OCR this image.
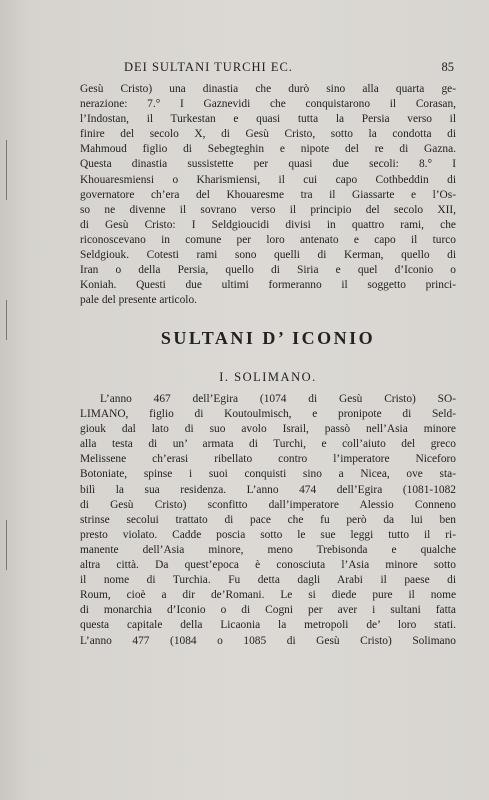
DEI SULTANI TURCHI EC.	85
Gesù Cristo) una dinastia che durò sino alla quarta ge-
nerazione: 7.° I Gaznevidi che conquistarono il Corasan,
l’Indostan, il Turkestan e quasi tutta la Persia verso il
finire del secolo X, di Gesù Cristo, sotto la condotta di
Mahmoud figlio di Sebegteghin e nipote del re di Gazna.
Questa dinastia sussistette per quasi due secoli: 8.° I
Khouaresmiensi o Kharismiensi, il cui capo Cothbeddin di
governatore ch’era del Khouaresme tra il Giassarte e l’Os-
so ne divenne il sovrano verso il principio del secolo XII,
di Gesù Cristo: I Seldgioucidi divisi in quattro rami, che
riconoscevano in comune per loro antenato e capo il turco
Seldgiouk. Cotesti rami sono quelli di Kerman, quello di
Iran o della Persia, quello di Siria e quel d’Iconio o
Koniah. Questi due ultimi formeranno il soggetto princi-
pale del presente articolo.
SULTANI D’ ICONIO
I. SOLIMANO.
L’anno 467 dell’Egira (1074 di Gesù Cristo) SO-
LIMANO, figlio di Koutoulmisch, e pronipote di Seld-
giouk dal lato di suo avolo Israil, passò nell’Asia minore
alla testa di un’ armata di Turchi, e coll’aiuto del greco
Melissene ch’erasi ribellato contro l’imperatore Niceforo
Botoniate, spinse i suoi conquisti sino a Nicea, ove sta-
bilì la sua residenza. L’anno 474 dell’Egira (1081-1082
di Gesù Cristo) sconfitto dall’imperatore Alessio Conneno
strinse secolui trattato di pace che fu però da lui ben
presto violato. Cadde poscia sotto le sue leggi tutto il ri-
manente dell’Asia minore, meno Trebisonda e qualche
altra città. Da quest’epoca è conosciuta l’Asia minore sotto
il nome di Turchia. Fu detta dagli Arabi il paese di
Roum, cioè a dir de’Romani. Le si diede pure il nome
di monarchia d’Iconio o di Cogni per aver i sultani fatta
questa capitale della Licaonia la metropoli de’ loro stati.
L’anno 477 (1084 o 1085 di Gesù Cristo) Solimano
